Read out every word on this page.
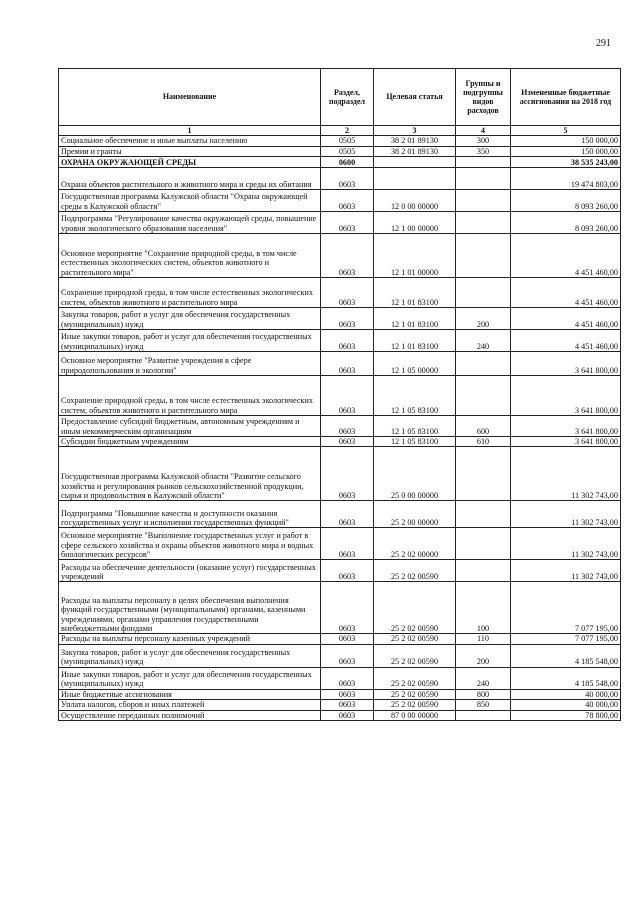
291
Наименование	Раздел, подраздел	Целевая статья	Группы и подгруппы видов расходов	Измененные бюджетные ассигнования на 2018 год
1	2	3	4	5
Социальное обеспечение и иные выплаты населению	0505	38 2 01 89130	300	150 000,00
Премии и гранты	0505	38 2 01 89130	350	150 000,00
ОХРАНА ОКРУЖАЮЩЕЙ СРЕДЫ	0600			38 535 243,00
Охрана объектов растительного и животного мира и среды их обитания	0603			19 474 803,00
Государственная программа Калужской области "Охрана окружающей среды в Калужской области"	0603	12 0 00 00000		8 093 260,00
Подпрограмма "Регулирование качества окружающей среды, повышение уровня экологического образования населения"	0603	12 1 00 00000		8 093 260,00
Основное мероприятие "Сохранение природной среды, в том числе естественных экологических систем, объектов животного и растительного мира"	0603	12 1 01 00000		4 451 460,00
Сохранение природной среды, в том числе естественных экологических систем, объектов животного и растительного мира	0603	12 1 01 83100		4 451 460,00
Закупка товаров, работ и услуг для обеспечения государственных (муниципальных) нужд	0603	12 1 01 83100	200	4 451 460,00
Иные закупки товаров, работ и услуг для обеспечения государственных (муниципальных) нужд	0603	12 1 01 83100	240	4 451 460,00
Основное мероприятие "Развитие учреждения в сфере природопользования и экологии"	0603	12 1 05 00000		3 641 800,00
Сохранение природной среды, в том числе естественных экологических систем, объектов животного и растительного мира	0603	12 1 05 83100		3 641 800,00
Предоставление субсидий бюджетным, автономным учреждениям и иным некоммерческим организациям	0603	12 1 05 83100	600	3 641 800,00
Субсидии бюджетным учреждениям	0603	12 1 05 83100	610	3 641 800,00
Государственная программа Калужской области "Развитие сельского хозяйства и регулирования рынков сельскохозяйственной продукции, сырья и продовольствия в Калужской области"	0603	25 0 00 00000		11 302 743,00
Подпрограмма "Повышение качества и доступности оказания государственных услуг и исполнения государственных функций"	0603	25 2 00 00000		11 302 743,00
Основное мероприятие "Выполнение государственных услуг и работ в сфере сельского хозяйства и охраны объектов животного мира и водных биологических ресурсов"	0603	25 2 02 00000		11 302 743,00
Расходы на обеспечение деятельности (оказание услуг) государственных учреждений	0603	25 2 02 00590		11 302 743,00
Расходы на выплаты персоналу в целях обеспечения выполнения функций государственными (муниципальными) органами, казенными учреждениями, органами управления государственными внебюджетными фондами	0603	25 2 02 00590	100	7 077 195,00
Расходы на выплаты персоналу казенных учреждений	0603	25 2 02 00590	110	7 077 195,00
Закупка товаров, работ и услуг для обеспечения государственных (муниципальных) нужд	0603	25 2 02 00590	200	4 185 548,00
Иные закупки товаров, работ и услуг для обеспечения государственных (муниципальных) нужд	0603	25 2 02 00590	240	4 185 548,00
Иные бюджетные ассигнования	0603	25 2 02 00590	800	40 000,00
Уплата налогов, сборов и иных платежей	0603	25 2 02 00590	850	40 000,00
Осуществление переданных полномочий	0603	87 0 00 00000		78 800,00
